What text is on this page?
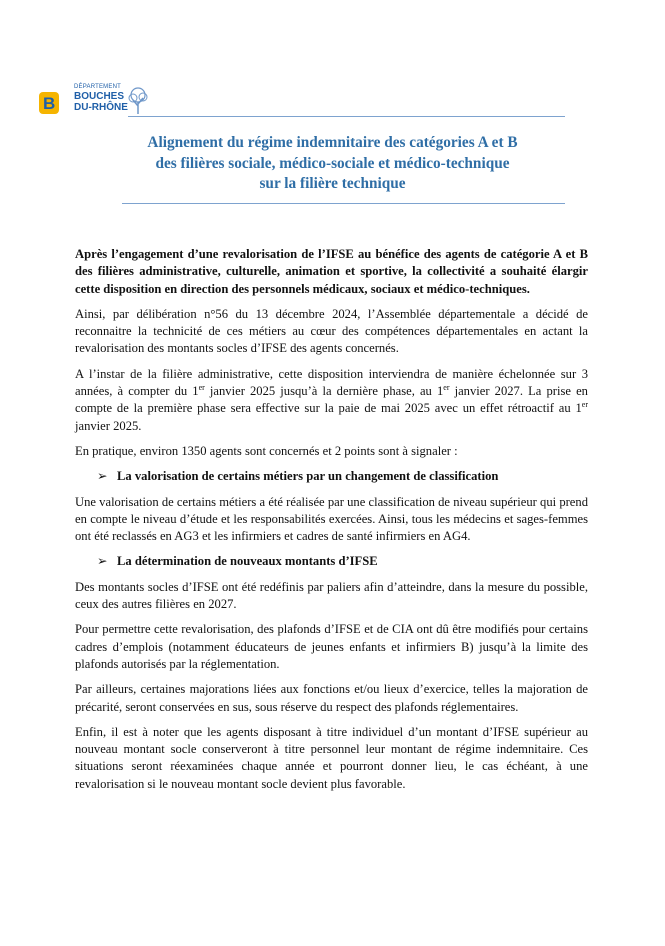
B
DÉPARTEMENT
BOUCHES
DU-RHÔNE
Alignement du régime indemnitaire des catégories A et B
des filières sociale, médico-sociale et médico-technique
sur la filière technique

Après l’engagement d’une revalorisation de l’IFSE au bénéfice des agents de catégorie A et B des filières administrative, culturelle, animation et sportive, la collectivité a souhaité élargir cette disposition en direction des personnels médicaux, sociaux et médico-techniques.

Ainsi, par délibération n°56 du 13 décembre 2024, l’Assemblée départementale a décidé de reconnaitre la technicité de ces métiers au cœur des compétences départementales en actant la revalorisation des montants socles d’IFSE des agents concernés.

A l’instar de la filière administrative, cette disposition interviendra de manière échelonnée sur 3 années, à compter du 1er janvier 2025 jusqu’à la dernière phase, au 1er janvier 2027. La prise en compte de la première phase sera effective sur la paie de mai 2025 avec un effet rétroactif au 1er janvier 2025.

En pratique, environ 1350 agents sont concernés et 2 points sont à signaler :

➢ La valorisation de certains métiers par un changement de classification

Une valorisation de certains métiers a été réalisée par une classification de niveau supérieur qui prend en compte le niveau d’étude et les responsabilités exercées. Ainsi, tous les médecins et sages-femmes ont été reclassés en AG3 et les infirmiers et cadres de santé infirmiers en AG4.

➢ La détermination de nouveaux montants d’IFSE

Des montants socles d’IFSE ont été redéfinis par paliers afin d’atteindre, dans la mesure du possible, ceux des autres filières en 2027.

Pour permettre cette revalorisation, des plafonds d’IFSE et de CIA ont dû être modifiés pour certains cadres d’emplois (notamment éducateurs de jeunes enfants et infirmiers B) jusqu’à la limite des plafonds autorisés par la réglementation.

Par ailleurs, certaines majorations liées aux fonctions et/ou lieux d’exercice, telles la majoration de précarité, seront conservées en sus, sous réserve du respect des plafonds réglementaires.

Enfin, il est à noter que les agents disposant à titre individuel d’un montant d’IFSE supérieur au nouveau montant socle conserveront à titre personnel leur montant de régime indemnitaire. Ces situations seront réexaminées chaque année et pourront donner lieu, le cas échéant, à une revalorisation si le nouveau montant socle devient plus favorable.
